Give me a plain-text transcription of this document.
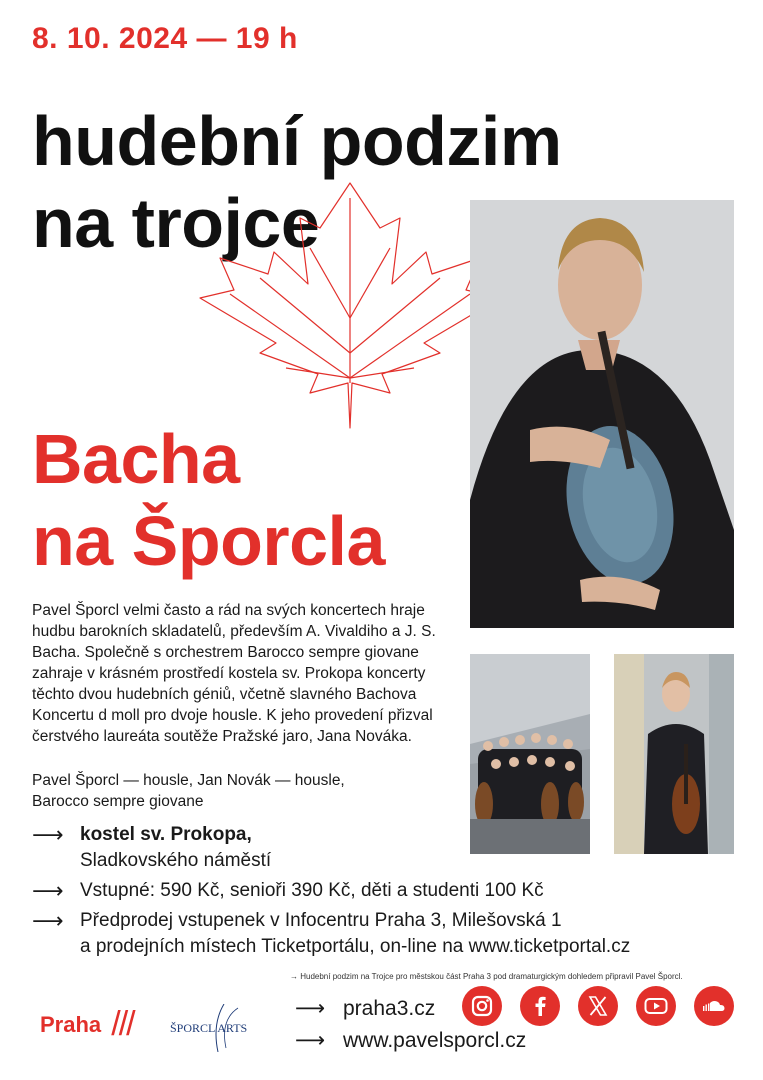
8. 10. 2024 — 19 h
hudební podzim
na trojce
Bacha
na Šporcla
Pavel Šporcl velmi často a rád na svých koncertech hraje hudbu barokních skladatelů, především A. Vivaldiho a J. S. Bacha. Společně s orchestrem Barocco sempre giovane zahraje v krásném prostředí kostela sv. Prokopa koncerty těchto dvou hudebních géniů, včetně slavného Bachova Koncertu d moll pro dvoje housle. K jeho provedení přizval čerstvého laureáta soutěže Pražské jaro, Jana Nováka.
Pavel Šporcl — housle, Jan Novák — housle,
Barocco sempre giovane
⟶ kostel sv. Prokopa,
Sladkovského náměstí
⟶ Vstupné: 590 Kč, senioři 390 Kč, děti a studenti 100 Kč
⟶ Předprodej vstupenek v Infocentru Praha 3, Milešovská 1
a prodejních místech Ticketportálu, on-line na www.ticketportal.cz
→ Hudební podzim na Trojce pro městskou část Praha 3 pod dramaturgickým dohledem připravil Pavel Šporcl.
⟶ praha3.cz
⟶ www.pavelsporcl.cz
Praha ///	ŠPORCL ARTS
